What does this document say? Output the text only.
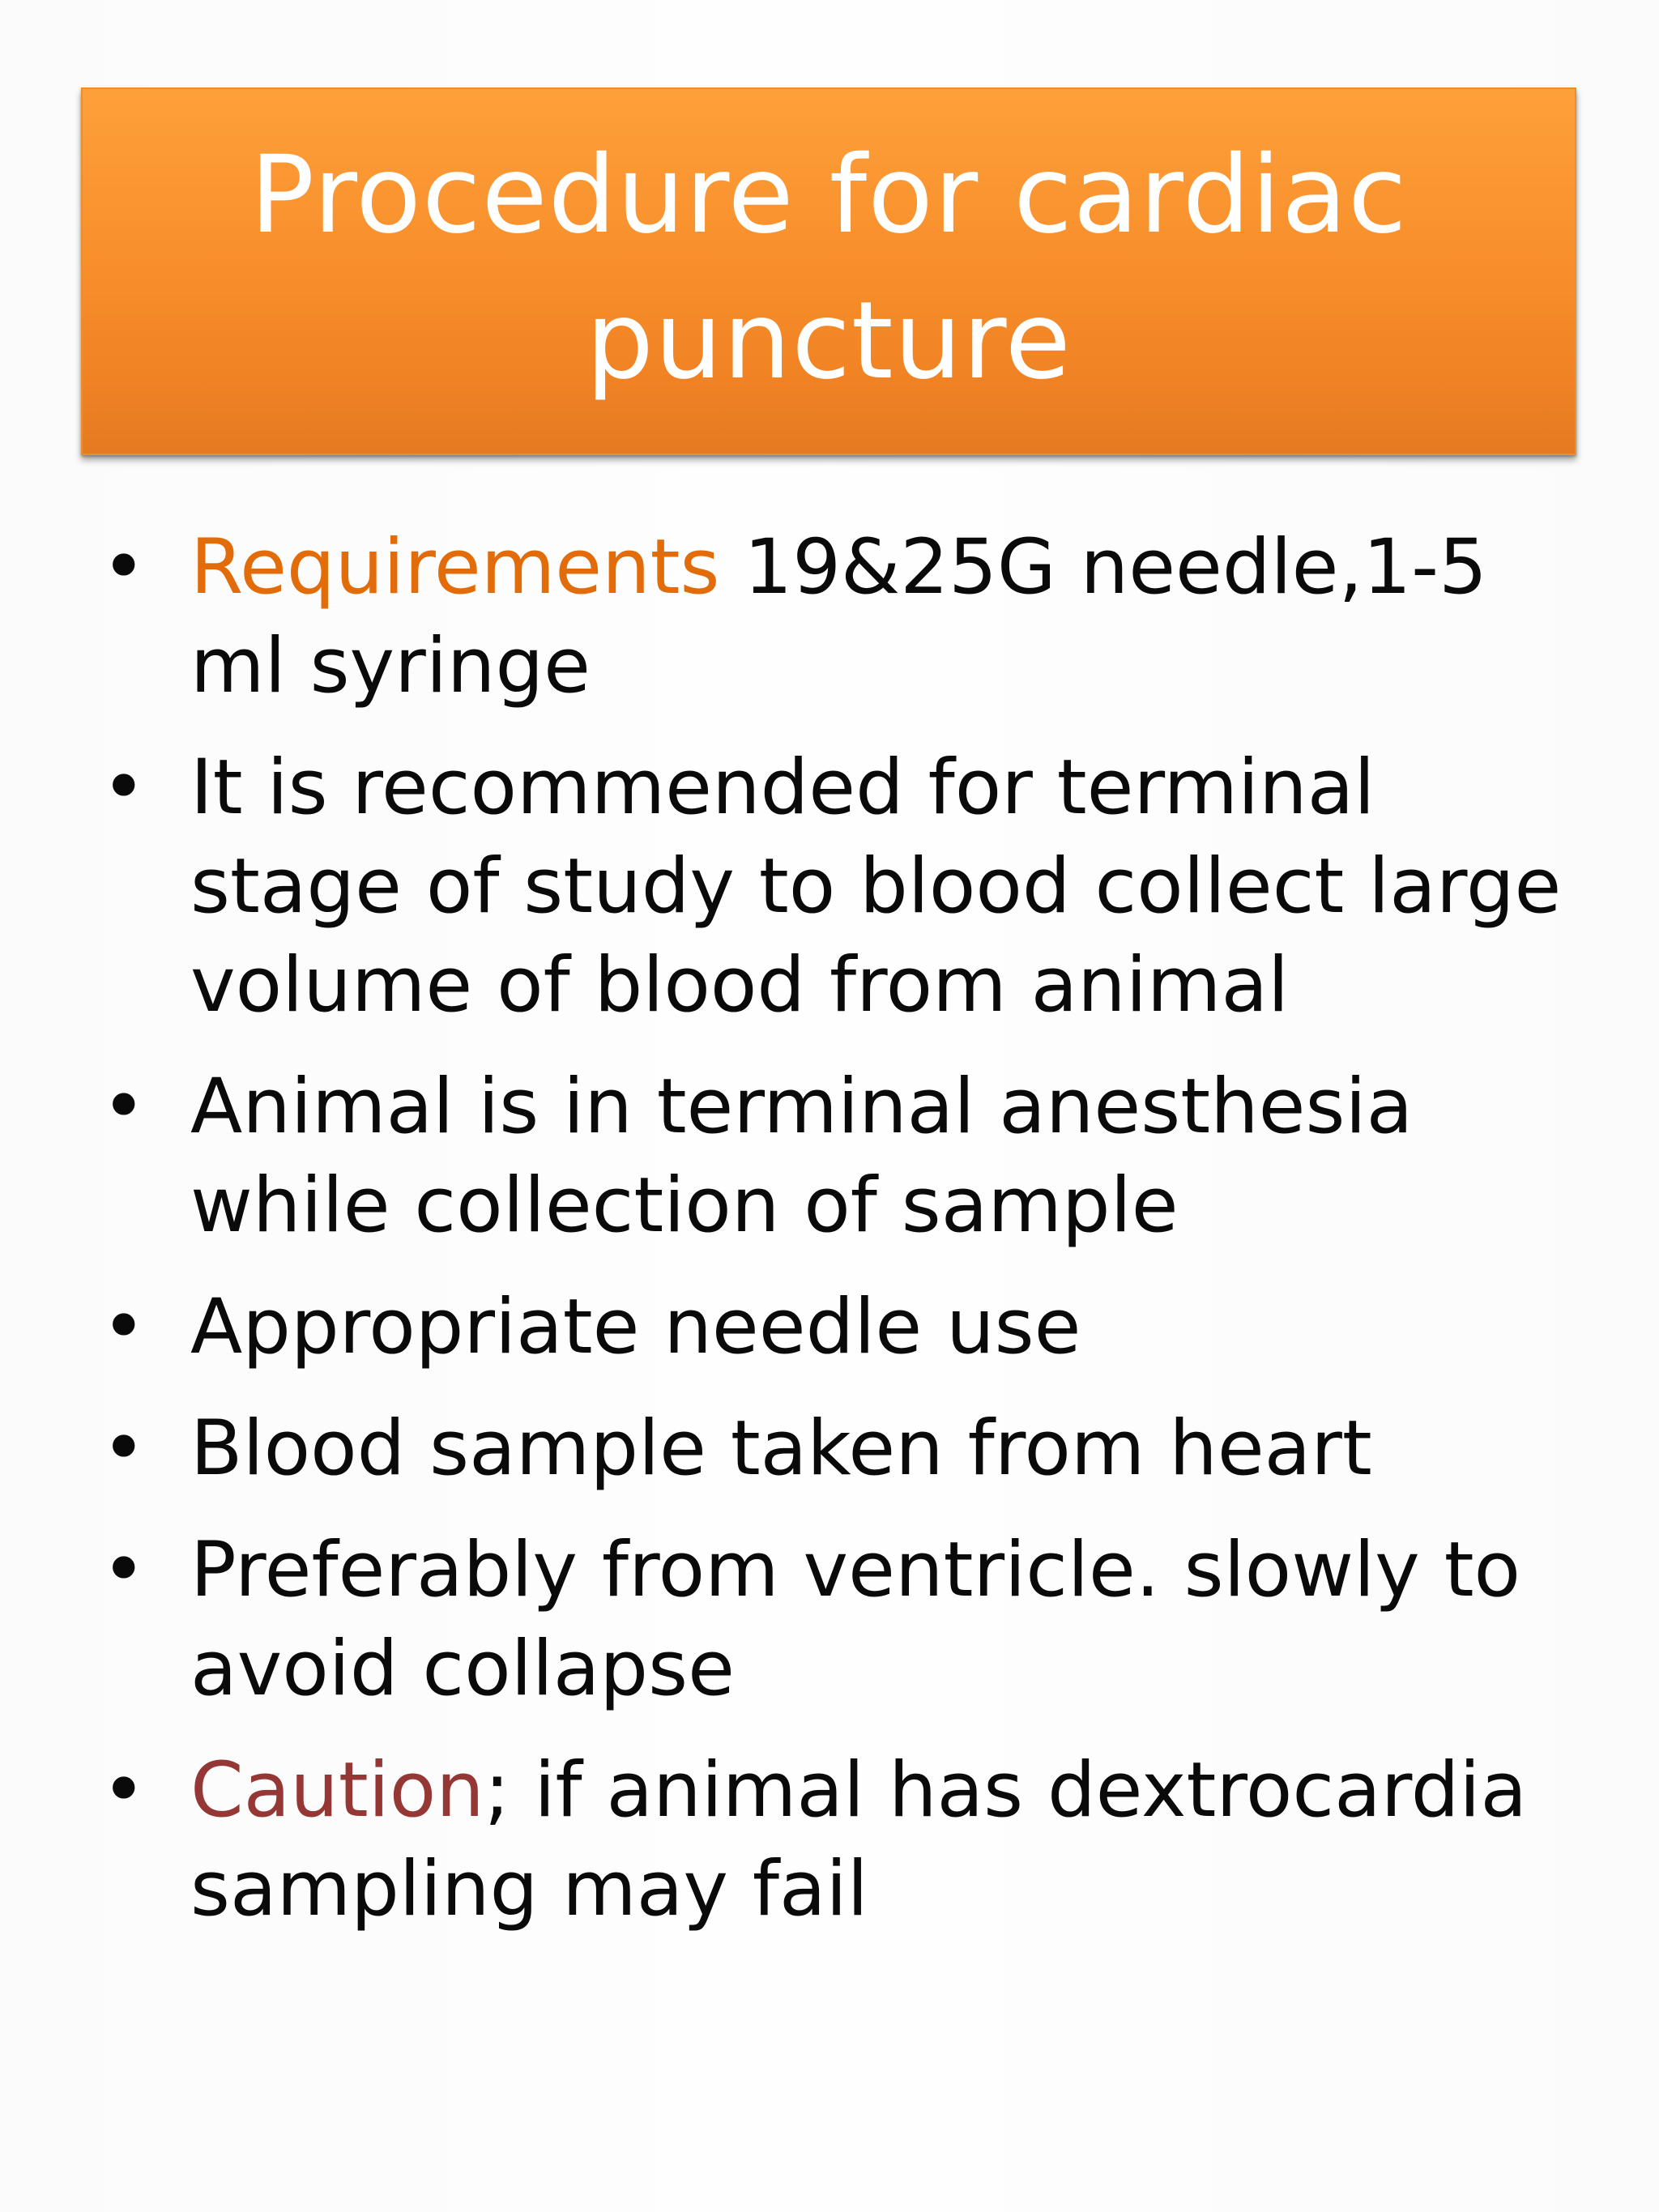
Procedure for cardiac puncture
• Requirements 19&25G needle,1-5 ml syringe
• It is recommended for terminal stage of study to blood collect large volume of blood from animal
• Animal is in terminal anesthesia while collection of sample
• Appropriate needle use
• Blood sample taken from heart
• Preferably from ventricle. slowly to avoid collapse
• Caution; if animal has dextrocardia sampling may fail
